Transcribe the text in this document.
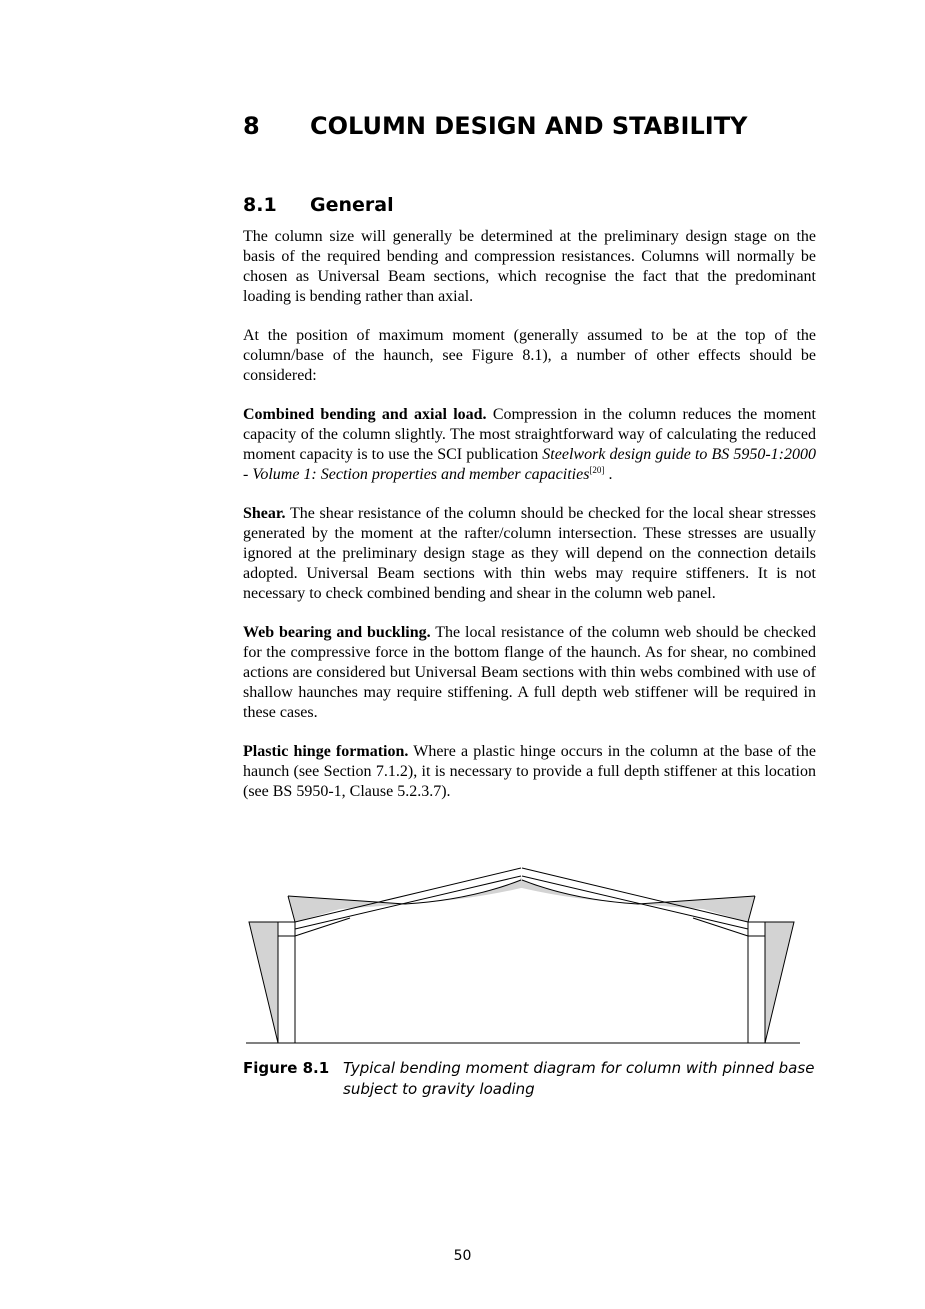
8 COLUMN DESIGN AND STABILITY
8.1 General

The column size will generally be determined at the preliminary design stage on the basis of the required bending and compression resistances. Columns will normally be chosen as Universal Beam sections, which recognise the fact that the predominant loading is bending rather than axial.

At the position of maximum moment (generally assumed to be at the top of the column/base of the haunch, see Figure 8.1), a number of other effects should be considered:

Combined bending and axial load. Compression in the column reduces the moment capacity of the column slightly. The most straightforward way of calculating the reduced moment capacity is to use the SCI publication Steelwork design guide to BS 5950-1:2000 - Volume 1: Section properties and member capacities[20] .

Shear. The shear resistance of the column should be checked for the local shear stresses generated by the moment at the rafter/column intersection. These stresses are usually ignored at the preliminary design stage as they will depend on the connection details adopted. Universal Beam sections with thin webs may require stiffeners. It is not necessary to check combined bending and shear in the column web panel.

Web bearing and buckling. The local resistance of the column web should be checked for the compressive force in the bottom flange of the haunch. As for shear, no combined actions are considered but Universal Beam sections with thin webs combined with use of shallow haunches may require stiffening. A full depth web stiffener will be required in these cases.

Plastic hinge formation. Where a plastic hinge occurs in the column at the base of the haunch (see Section 7.1.2), it is necessary to provide a full depth stiffener at this location (see BS 5950-1, Clause 5.2.3.7).

Figure 8.1 Typical bending moment diagram for column with pinned base subject to gravity loading
50
